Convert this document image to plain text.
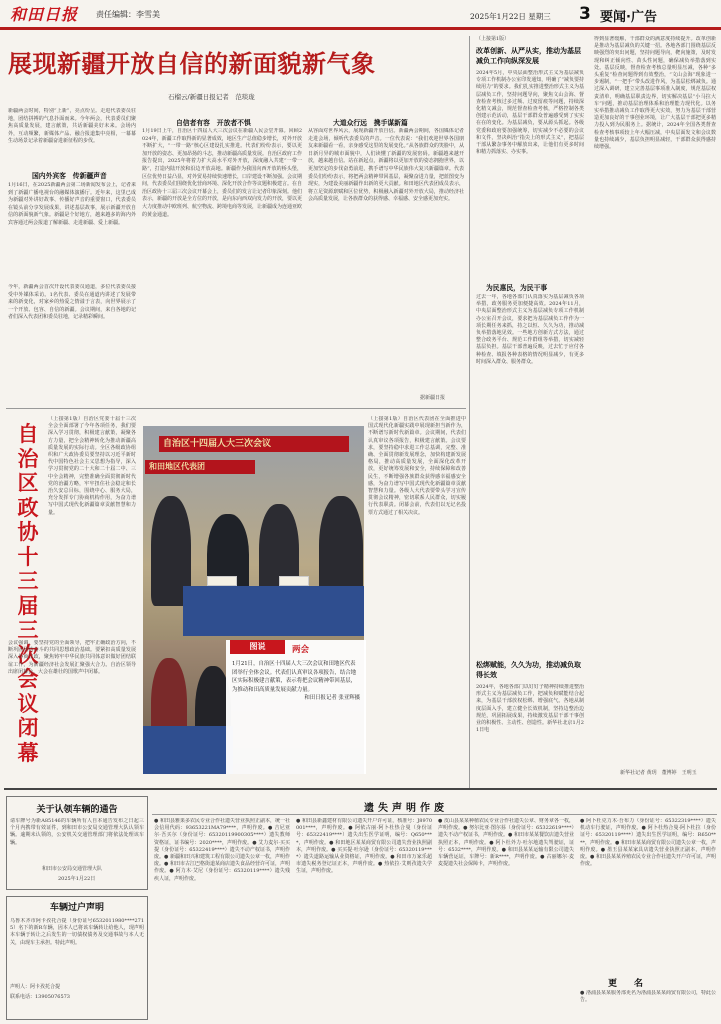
和田日报 责任编辑：李雪美	2025年1月22日 星期三 3 要闻·广告
展现新疆开放自信的新面貌新气象
石榴云/新疆日报记者　范琰珑
新疆两会时间，特别“上新”，亮点纷呈。走进代表委员驻地，团结拼搏的气息扑面而来。今年两会，代表委员们聚焦高质量发展，建言献策，共话新疆美好未来。会场内外，互动频繁，新媒体产品、融合报道集中亮相，一幕幕生动场景记录着新疆奋进新征程的步伐。
国内外宾客　传新疆声音
1月16日，在2025新疆两会第二场新闻发布会上，记者来到了新疆广播电视台的融媒体演播厅。近年来，这里已成为新疆对外讲好故事、传播好声音的重要窗口，代表委员在镜头前分享发展成果，讲述基层故事，展示新疆开放自信的新面貌新气象。新疆是个好地方，越来越多的海内外宾客通过两会报道了解新疆、走进新疆、爱上新疆。
今年，新疆两会首次开设代表委员通道，多位代表委员接受中外媒体采访。1名代表、委员在通道内讲述了发展带来的新变化，对家乡的热爱之情溢于言表，向世界展示了一个开放、包容、自信的新疆。会议期间，来自各地的记者们深入代表团和委员驻地，记录精彩瞬间。
自信者有容　开放者不惧
1月19日上午，自治区十四届人大三次会议在新疆人民会堂开幕。回顾2024年，新疆工作取得新的显著成效，地区生产总值稳步增长，对外开放不断扩大，“一带一路”核心区建设扎实推进。代表们纷纷表示，要以更加开放的姿态、更加昂扬的斗志，推动新疆高质量发展。自治区政府工作报告提出，2025年将着力扩大高水平对外开放，深度融入共建“一带一路”，打造内陆开放和沿边开放高地。新疆作为我国向西开放的桥头堡，区位优势日益凸显，对外贸易持续快速增长，口岸建设不断加强。会议期间，代表委员们围绕优化营商环境、深化开放合作等议题积极建言。在自治区政协十三届三次会议开幕会上，委员们的发言让记者印象深刻。他们表示，新疆的开放是全方位的开放，是向东向西双向发力的开放，要以更大力度推动中欧班列、航空物流、跨境电商等发展，让新疆成为连通亚欧的黄金通道。
大道众行远　携手谋新篇
从容面对世界风云，展现新疆开放自信。新疆两会期间，各国媒体记者走进会场，倾听代表委员的声音。一位代表说：“我们欢迎世界各国朋友来新疆看一看，亲身感受这里的发展变化。”从各族群众的笑脸中，从日新月异的城市面貌中，人们读懂了新疆的发展密码。新疆越来越开放，越来越自信。站在新起点，新疆将以更加开放的姿态拥抱世界，以更加坚定的步伐奋勇前进，携手谱写中华民族伟大复兴新疆篇章。代表委员们纷纷表示，将把两会精神带回基层，凝聚奋进力量，把蓝图变为现实，为建设美丽新疆作出新的更大贡献。和田地区代表团成员表示，将立足资源禀赋和区位优势，积极融入新疆对外开放大局，推动经济社会高质量发展，让各族群众的获得感、幸福感、安全感更加充实。
据新疆日报
自治区政协十三届三次会议闭幕
（上接第1版）自治区党委十届十三次全会全面部署了今年各项任务，我们要深入学习贯彻，积极建言献策，凝聚各方力量，把全会精神转化为推动新疆高质量发展的实际行动。全区各级政协组织和广大政协委员要坚持以习近平新时代中国特色社会主义思想为指导，深入学习贯彻党的二十大和二十届二中、三中全会精神，完整准确全面贯彻新时代党的治疆方略，牢牢扭住社会稳定和长治久安总目标，围绕中心、服务大局，充分发挥专门协商机构作用，为奋力谱写中国式现代化新疆篇章贡献智慧和力量。
会议强调，要坚持党的全面领导，把牢正确政治方向，不断巩固团结奋斗的共同思想政治基础。要紧扣高质量发展深入协商议政，聚焦铸牢中华民族共同体意识做好团结联谊工作，为新疆经济社会发展汇聚强大合力。自治区领导出席闭幕会。大会在雄壮的国歌声中闭幕。
自治区十四届人大三次会议
和田地区代表团
图说	两会
1月21日，自治区十四届人大三次会议和田地区代表团举行全体会议。代表们认真审议各项报告，结合地区实际积极建言献策，表示将把会议精神带回基层，为推动和田高质量发展贡献力量。
和田日报记者 张亚辉摄
（上接第1版）自治区代表团在全面推进中国式现代化新疆实践中展现新担当新作为，不断谱写新时代新篇章。会议期间，代表们认真审议各项报告，积极建言献策。会议要求，要坚持稳中求进工作总基调，完整、准确、全面贯彻新发展理念，加快构建新发展格局，推动高质量发展，全面深化改革开放，更好统筹发展和安全，持续保障和改善民生，不断增强各族群众获得感幸福感安全感，为奋力谱写中国式现代化新疆篇章贡献智慧和力量。各级人大代表要带头学习宣传贯彻会议精神，密切联系人民群众，切实履行代表职责。闭幕会前，代表们以无记名投票方式通过了相关决议。
（上接第1版）
改革创新、从严从实，推动为基层减负工作向纵深发展
2024年5月，中央层面整治形式主义为基层减负专项工作机制办公室印发通知，明确了“减负要持续用力”的要求。我们扎实推进整治形式主义为基层减负工作，坚持问题导向，聚焦文山会海、督查检查考核过多过频、过度留痕等问题，持续深化精文减会，规范督查检查考核，严格控制各类创建示范活动，基层干部群众普遍感受到了实实在在的变化。为基层减负，要从源头抓起。各级党委和政府要加强统筹，切实减少不必要的会议和文件，坚决纠治“指尖上的形式主义”，把基层干部从繁杂事务中解放出来，让他们有更多时间和精力抓落实、办实事。
为民惠民，为民干事
过去一年，各地各部门认真落实为基层减负各项举措，政务服务更加便捷高效。2024年11月，中央层面整治形式主义为基层减负专项工作机制办公室召开会议，要求把为基层减负工作作为一项长期任务来抓，持之以恒、久久为功，推动减负举措落地见效。一些地方创新方式方法，通过整合政务平台、规范工作群组等举措，切实减轻基层负担。基层干部普遍反映，过去忙于应付各种检查、填报各种表格的情况明显减少，有更多时间深入群众、服务群众。
松绑赋能，久久为功，推动减负取得长效
2024年，各地各部门以钉钉子精神持续推进整治形式主义为基层减负工作，把减负和赋能结合起来，为基层干部放权松绑、增强底气。各地从制度层面入手，建立健全长效机制，坚持边整治边规范，巩固拓展成果，持续激发基层干部干事创业的积极性、主动性、创造性。新华社北京1月21日电
得到显著缓解，干部群众的满意度持续提升。改革创新是推动为基层减负的关键一招。各地各部门围绕基层反映强烈的突出问题，坚持问题导向，靶向施策，及时发现和纠正倾向性、苗头性问题，确保减负举措落到实处。基层反映，督查检查考核总量明显压减，各种“多头重复”检查问题得到有效整治，“文山会海”现象进一步遏制，“一把手”带头改进作风，为基层松绑减负。通过深入调研，建立完善基层事项准入制度，规范基层权责清单，明确基层职责边界，切实解决基层“小马拉大车”问题，推动基层治理体系和治理能力现代化。以务实举措推动减负工作取得更大实效，努力为基层干部营造更加良好的干事创业环境，让广大基层干部把更多精力投入到为民服务上。据统计，2024年全国各类督查检查考核事项较上年大幅压减，中央层面发文和会议数量也持续减少，基层负担明显减轻，干部群众获得感持续增强。
新华社记者 黄玥　董博婷　王明玉
关于认领车辆的通告
请车牌号为新A85146的车辆所有人自本通告发布之日起三个月内携带有效证件，到和田市公安局交通管理大队认领车辆。逾期未认领的，公安机关交通管理部门将依法处理该车辆。
和田市公安局交通管理大队
2025年1月22日
车辆过户声明
乌鲁木齐市阿卡孜托合提（身份证号6532011980****2715）名下的新R车辆，因本人已将该车辆转让给他人，现声明本车辆于转让之后发生的一切债权债务及交通事故与本人无关，由现车主承担。特此声明。
声明人：阿卡孜托合提
联系电话：13905076573
遗失声明作废
● 和田县雅果多农民专业合作社遗失营业执照正副本，统一社会信用代码：93653221MA79****，声明作废。● 吉尼亚尔·吾买尔（身份证号：65320119900305****）遗失教师资格证，证书编号：2020****，声明作废。● 艾力麦尔·买买提（身份证号：65322419****）遗失不动产权证书，声明作废。● 新疆和田兴和建筑工程有限公司遗失公章一枚，声明作废。● 和田市古江巴格街道某商店遗失食品经营许可证，声明作废。● 阿力木·艾尼（身份证号：65320119****）遗失残疾人证，声明作废。
● 和田县新鑫建材有限公司遗失开户许可证，核准号：J8970001****，声明作废。● 阿依古丽·阿卜杜热合曼（身份证号：65322419****）遗失出生医学证明，编号：Q650****，声明作废。● 和田地区某某商贸有限公司遗失营业执照副本，声明作废。● 买买提·吐尔逊（身份证号：65320119****）遗失道路运输从业资格证，声明作废。● 和田市万家乐超市遗失税务登记证正本，声明作废。● 热依拉·艾则孜遗失学生证，声明作废。
● 皮山县某某种植农民专业合作社遗失公章、财务章各一枚，声明作废。● 努尔比亚·图尔荪（身份证号：65322619****）遗失不动产权证书，声明作废。● 和田市某某餐饮店遗失营业执照正本，声明作废。● 阿卜杜外力·吐尔地遗失驾驶证，证号：6532****，声明作废。● 和田县某某运输有限公司遗失车辆营运证，车牌号：新R****，声明作废。● 古丽娜尔·麦麦提遗失社会保障卡，声明作废。
● 阿卜杜克力木·吾布力（身份证号：65322319****）遗失机动车行驶证，声明作废。● 阿卜杜热合曼·阿卜杜拉（身份证号：65320119****）遗失出生医学证明，编号：R650****，声明作废。● 和田市某某商贸有限公司遗失公章一枚，声明作废。● 墨玉县某某家具店遗失营业执照正副本，声明作废。● 和田县某某养殖农民专业合作社遗失开户许可证，声明作废。
更　名
● 洛浦县某某服务部更名为洛浦县某某商贸有限公司，特此公告。
